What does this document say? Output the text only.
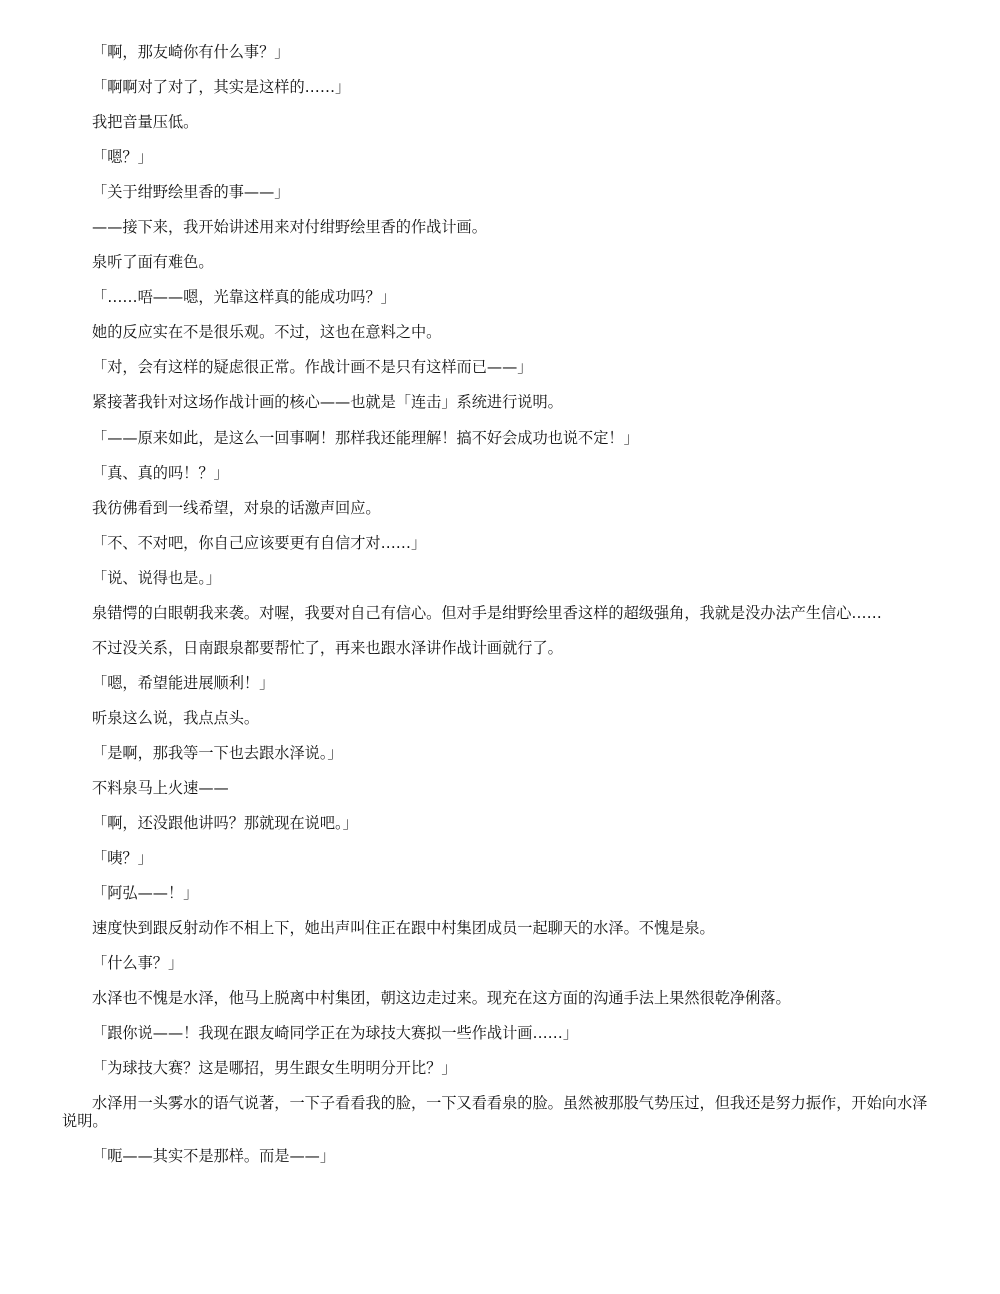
「啊，那友崎你有什么事？」

「啊啊对了对了，其实是这样的……」

我把音量压低。

「嗯？」

「关于绀野绘里香的事——」

——接下来，我开始讲述用来对付绀野绘里香的作战计画。

泉听了面有难色。

「……唔——嗯，光靠这样真的能成功吗？」

她的反应实在不是很乐观。不过，这也在意料之中。

「对，会有这样的疑虑很正常。作战计画不是只有这样而已——」

紧接著我针对这场作战计画的核心——也就是「连击」系统进行说明。

「——原来如此，是这么一回事啊！那样我还能理解！搞不好会成功也说不定！」

「真、真的吗！？」

我彷佛看到一线希望，对泉的话激声回应。

「不、不对吧，你自己应该要更有自信才对……」

「说、说得也是。」

泉错愕的白眼朝我来袭。对喔，我要对自己有信心。但对手是绀野绘里香这样的超级强角，我就是没办法产生信心……

不过没关系，日南跟泉都要帮忙了，再来也跟水泽讲作战计画就行了。

「嗯，希望能进展顺利！」

听泉这么说，我点点头。

「是啊，那我等一下也去跟水泽说。」

不料泉马上火速——

「啊，还没跟他讲吗？那就现在说吧。」

「咦？」

「阿弘——！」

速度快到跟反射动作不相上下，她出声叫住正在跟中村集团成员一起聊天的水泽。不愧是泉。

「什么事？」

水泽也不愧是水泽，他马上脱离中村集团，朝这边走过来。现充在这方面的沟通手法上果然很乾净俐落。

「跟你说——！我现在跟友崎同学正在为球技大赛拟一些作战计画……」

「为球技大赛？这是哪招，男生跟女生明明分开比？」

水泽用一头雾水的语气说著，一下子看看我的脸，一下又看看泉的脸。虽然被那股气势压过，但我还是努力振作，开始向水泽说明。

「呃——其实不是那样。而是——」
